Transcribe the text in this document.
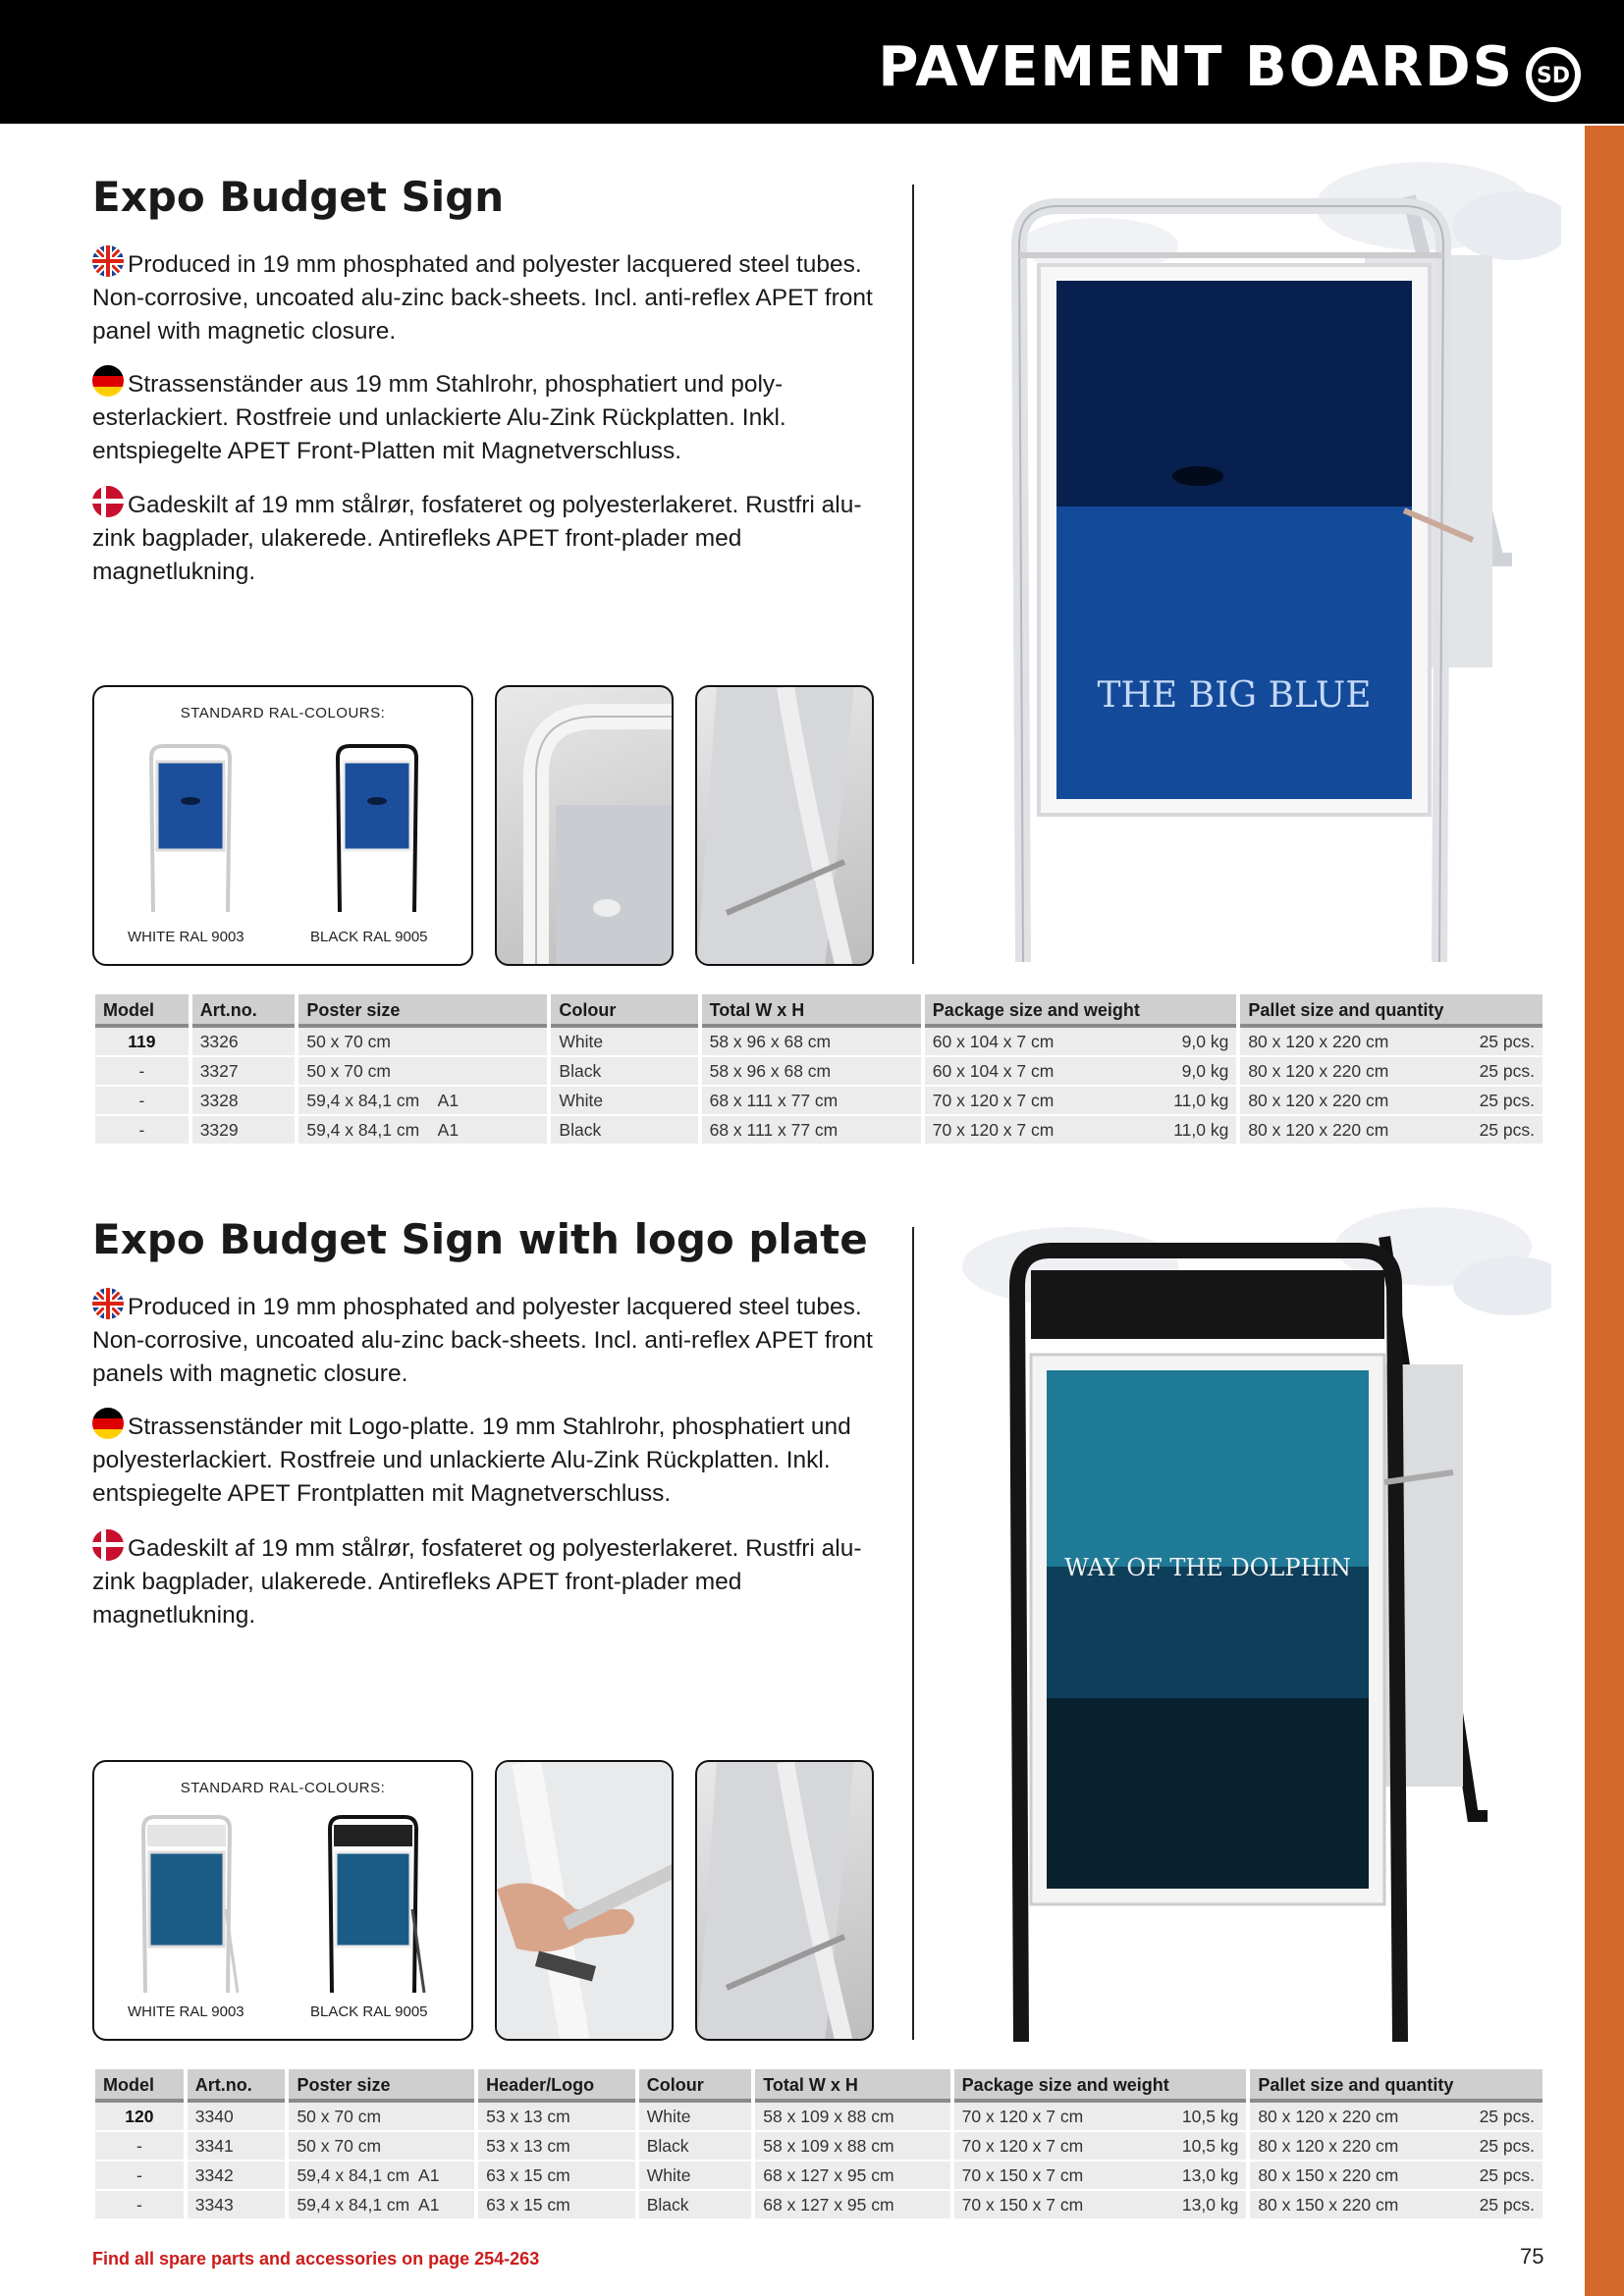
PAVEMENT BOARDS SD
Expo Budget Sign
Produced in 19 mm phosphated and polyester lacquered steel tubes. Non-corrosive, uncoated alu-zinc back-sheets. Incl. anti-reflex APET front panel with magnetic closure.
Strassenständer aus 19 mm Stahlrohr, phosphatiert und poly-esterlackiert. Rostfreie und unlackierte Alu-Zink Rückplatten. Inkl. entspiegelte APET Front-Platten mit Magnetverschluss.
Gadeskilt af 19 mm stålrør, fosfateret og polyesterlakeret. Rustfri alu-zink bagplader, ulakerede. Antirefleks APET front-plader med magnetlukning.
STANDARD RAL-COLOURS:
WHITE RAL 9003	BLACK RAL 9005
THE BIG BLUE
Model	Art.no.	Poster size	Colour	Total W x H	Package size and weight	Pallet size and quantity
119	3326	50 x 70 cm	White	58 x 96 x 68 cm	60 x 104 x 7 cm 9,0 kg	80 x 120 x 220 cm 25 pcs.

-	3327	50 x 70 cm	Black	58 x 96 x 68 cm	60 x 104 x 7 cm 9,0 kg	80 x 120 x 220 cm 25 pcs.

-	3328	59,4 x 84,1 cm A1	White	68 x 111 x 77 cm	70 x 120 x 7 cm 11,0 kg	80 x 120 x 220 cm 25 pcs.

-	3329	59,4 x 84,1 cm A1	Black	68 x 111 x 77 cm	70 x 120 x 7 cm 11,0 kg	80 x 120 x 220 cm 25 pcs.
Expo Budget Sign with logo plate
Produced in 19 mm phosphated and polyester lacquered steel tubes. Non-corrosive, uncoated alu-zinc back-sheets. Incl. anti-reflex APET front panels with magnetic closure.
Strassenständer mit Logo-platte. 19 mm Stahlrohr, phosphatiert und polyesterlackiert. Rostfreie und unlackierte Alu-Zink Rückplatten. Inkl. entspiegelte APET Frontplatten mit Magnetverschluss.
Gadeskilt af 19 mm stålrør, fosfateret og polyesterlakeret. Rustfri alu-zink bagplader, ulakerede. Antirefleks APET front-plader med magnetlukning.
STANDARD RAL-COLOURS:
WHITE RAL 9003	BLACK RAL 9005
WAY OF THE DOLPHIN
Model	Art.no.	Poster size	Header/Logo	Colour	Total W x H	Package size and weight	Pallet size and quantity
120	3340	50 x 70 cm	53 x 13 cm	White	58 x 109 x 88 cm	70 x 120 x 7 cm 10,5 kg	80 x 120 x 220 cm 25 pcs.

-	3341	50 x 70 cm	53 x 13 cm	Black	58 x 109 x 88 cm	70 x 120 x 7 cm 10,5 kg	80 x 120 x 220 cm 25 pcs.

-	3342	59,4 x 84,1 cm A1	63 x 15 cm	White	68 x 127 x 95 cm	70 x 150 x 7 cm 13,0 kg	80 x 150 x 220 cm 25 pcs.

-	3343	59,4 x 84,1 cm A1	63 x 15 cm	Black	68 x 127 x 95 cm	70 x 150 x 7 cm 13,0 kg	80 x 150 x 220 cm 25 pcs.
Find all spare parts and accessories on page 254-263	75
